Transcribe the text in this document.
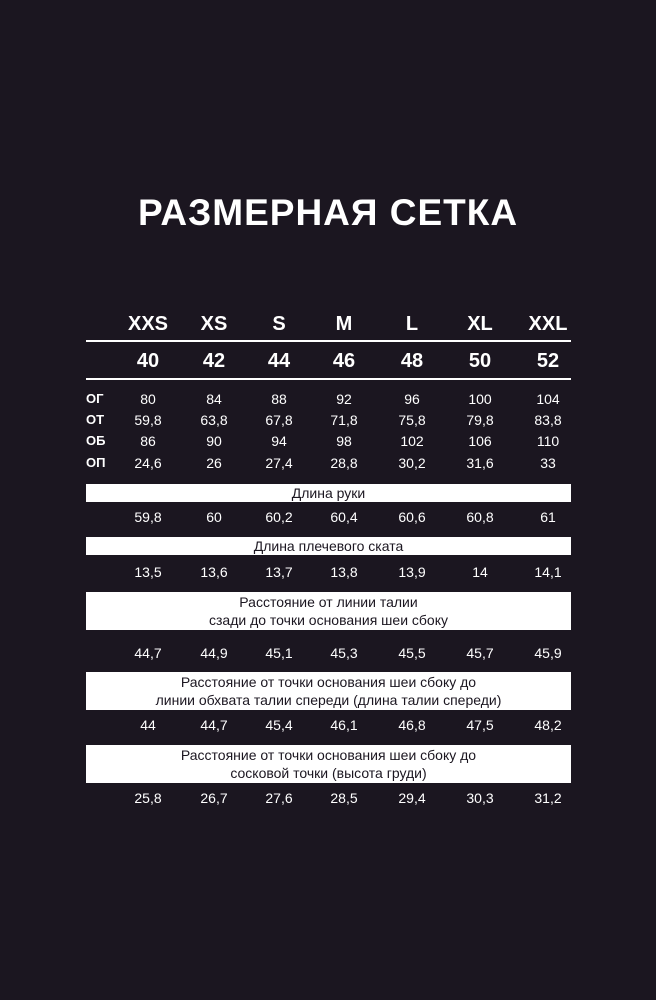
РАЗМЕРНАЯ СЕТКА
XXS	XS	S	M	L	XL	XXL
40	42	44	46	48	50	52
ОГ	80	84	88	92	96	100	104
ОТ	59,8	63,8	67,8	71,8	75,8	79,8	83,8
ОБ	86	90	94	98	102	106	110
ОП	24,6	26	27,4	28,8	30,2	31,6	33
Длина руки
59,8	60	60,2	60,4	60,6	60,8	61
Длина плечевого ската
13,5	13,6	13,7	13,8	13,9	14	14,1
Расстояние от линии талии
сзади до точки основания шеи сбоку
44,7	44,9	45,1	45,3	45,5	45,7	45,9
Расстояние от точки основания шеи сбоку до
линии обхвата талии спереди (длина талии спереди)
44	44,7	45,4	46,1	46,8	47,5	48,2
Расстояние от точки основания шеи сбоку до
сосковой точки (высота груди)
25,8	26,7	27,6	28,5	29,4	30,3	31,2
